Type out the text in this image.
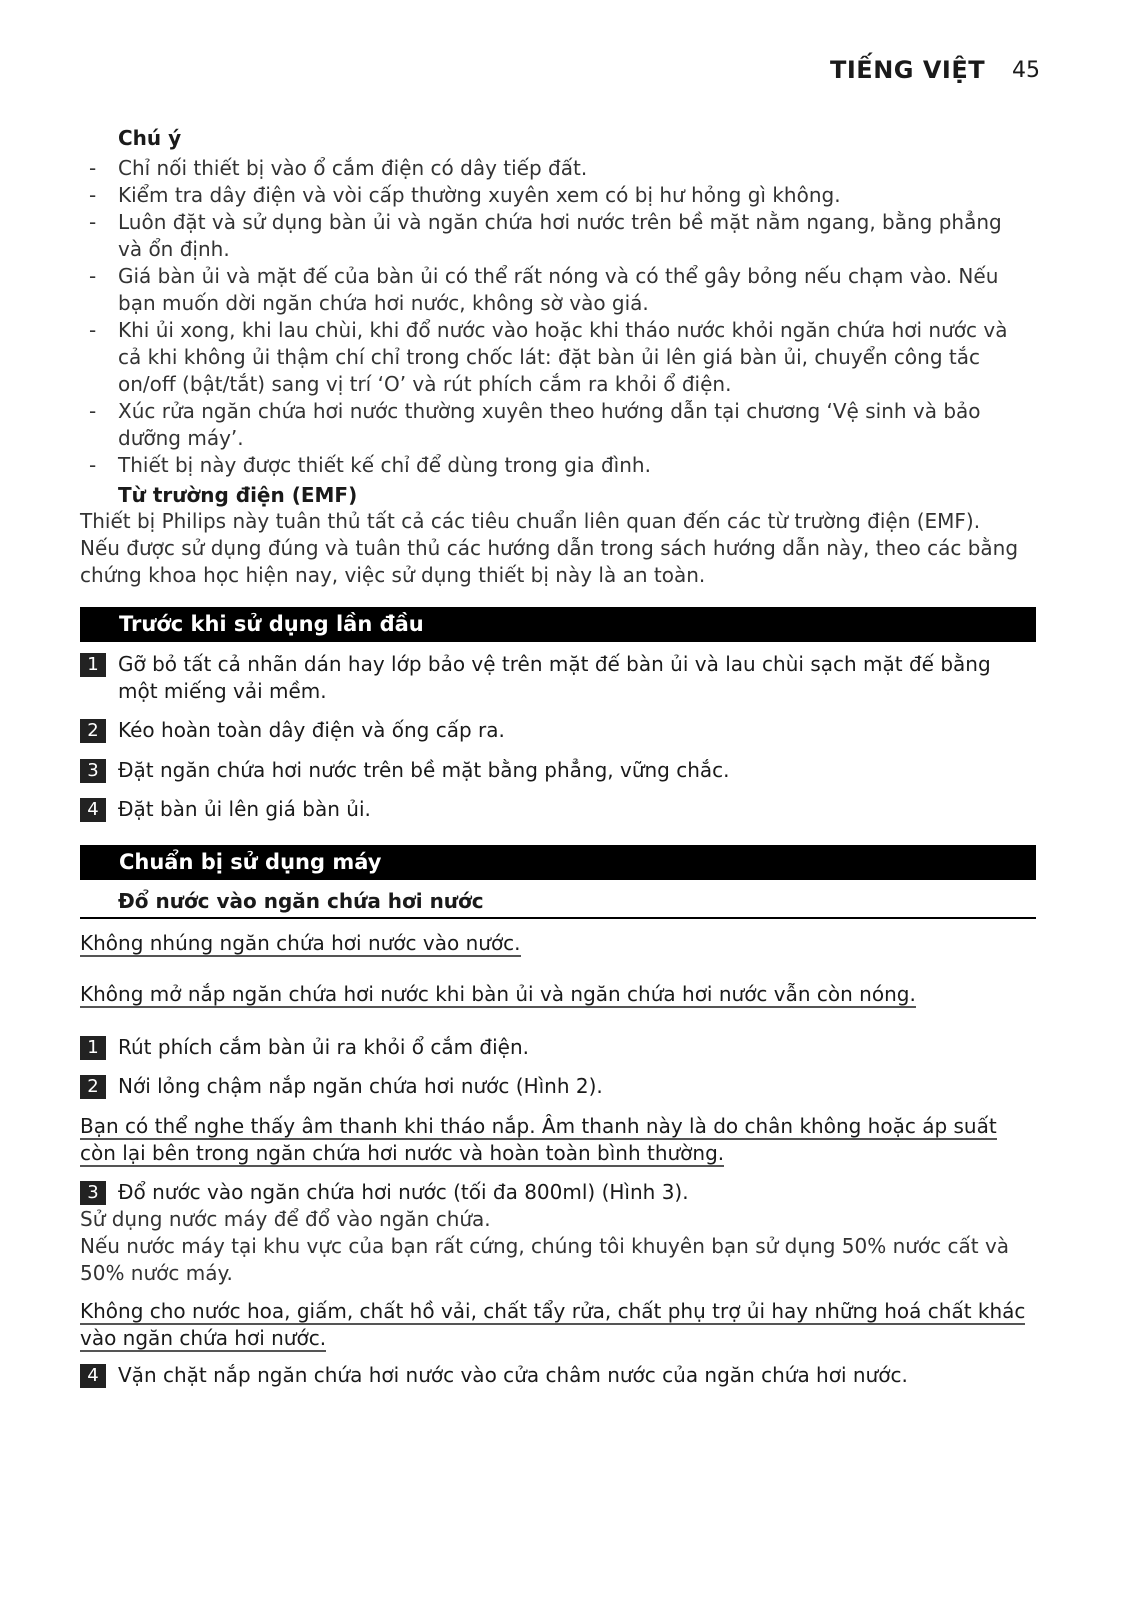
TIẾNG VIỆT 45
Chú ý
- Chỉ nối thiết bị vào ổ cắm điện có dây tiếp đất.
- Kiểm tra dây điện và vòi cấp thường xuyên xem có bị hư hỏng gì không.
- Luôn đặt và sử dụng bàn ủi và ngăn chứa hơi nước trên bề mặt nằm ngang, bằng phẳng và ổn định.
- Giá bàn ủi và mặt đế của bàn ủi có thể rất nóng và có thể gây bỏng nếu chạm vào. Nếu bạn muốn dời ngăn chứa hơi nước, không sờ vào giá.
- Khi ủi xong, khi lau chùi, khi đổ nước vào hoặc khi tháo nước khỏi ngăn chứa hơi nước và cả khi không ủi thậm chí chỉ trong chốc lát: đặt bàn ủi lên giá bàn ủi, chuyển công tắc on/off (bật/tắt) sang vị trí ‘O’ và rút phích cắm ra khỏi ổ điện.
- Xúc rửa ngăn chứa hơi nước thường xuyên theo hướng dẫn tại chương ‘Vệ sinh và bảo dưỡng máy’.
- Thiết bị này được thiết kế chỉ để dùng trong gia đình.
Từ trường điện (EMF)
Thiết bị Philips này tuân thủ tất cả các tiêu chuẩn liên quan đến các từ trường điện (EMF). Nếu được sử dụng đúng và tuân thủ các hướng dẫn trong sách hướng dẫn này, theo các bằng chứng khoa học hiện nay, việc sử dụng thiết bị này là an toàn.
Trước khi sử dụng lần đầu
1 Gỡ bỏ tất cả nhãn dán hay lớp bảo vệ trên mặt đế bàn ủi và lau chùi sạch mặt đế bằng một miếng vải mềm.
2 Kéo hoàn toàn dây điện và ống cấp ra.
3 Đặt ngăn chứa hơi nước trên bề mặt bằng phẳng, vững chắc.
4 Đặt bàn ủi lên giá bàn ủi.
Chuẩn bị sử dụng máy
Đổ nước vào ngăn chứa hơi nước
Không nhúng ngăn chứa hơi nước vào nước.
Không mở nắp ngăn chứa hơi nước khi bàn ủi và ngăn chứa hơi nước vẫn còn nóng.
1 Rút phích cắm bàn ủi ra khỏi ổ cắm điện.
2 Nới lỏng chậm nắp ngăn chứa hơi nước (Hình 2).
Bạn có thể nghe thấy âm thanh khi tháo nắp. Âm thanh này là do chân không hoặc áp suất còn lại bên trong ngăn chứa hơi nước và hoàn toàn bình thường.
3 Đổ nước vào ngăn chứa hơi nước (tối đa 800ml) (Hình 3).
Sử dụng nước máy để đổ vào ngăn chứa.
Nếu nước máy tại khu vực của bạn rất cứng, chúng tôi khuyên bạn sử dụng 50% nước cất và 50% nước máy.
Không cho nước hoa, giấm, chất hồ vải, chất tẩy rửa, chất phụ trợ ủi hay những hoá chất khác vào ngăn chứa hơi nước.
4 Vặn chặt nắp ngăn chứa hơi nước vào cửa châm nước của ngăn chứa hơi nước.
